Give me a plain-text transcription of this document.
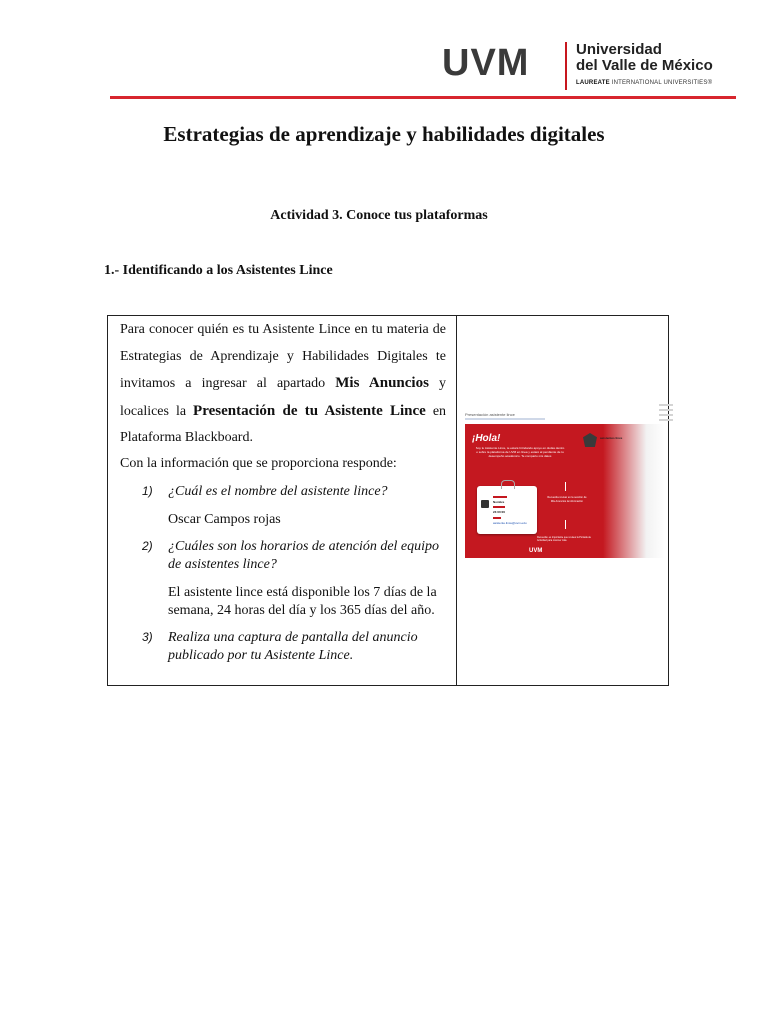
UVM	Universidad
del Valle de México
LAUREATE INTERNATIONAL UNIVERSITIES®
Estrategias de aprendizaje y habilidades digitales
Actividad 3. Conoce tus plataformas
1.- Identificando a los Asistentes Lince

Para conocer quién es tu Asistente Lince en tu materia de Estrategias de Aprendizaje y Habilidades Digitales te invitamos a ingresar al apartado Mis Anuncios y localices la Presentación de tu Asistente Lince en Plataforma Blackboard.

Con la información que se proporciona responde:

1) ¿Cuál es el nombre del asistente lince?
Oscar Campos rojas
2) ¿Cuáles son los horarios de atención del equipo de asistentes lince?
El asistente lince está disponible los 7 días de la semana, 24 horas del día y los 365 días del año.
3) Realiza una captura de pantalla del anuncio publicado por tu Asistente Lince.
Presentación asistente lince
¡Hola!
Soy tu Asistente Lince, te estaré brindando apoyo en dudas dentro o sobre la plataforma de UVM en línea y estaré al pendiente de tu desempeño académico. Te comparto mis datos
asistentes lince
Nombre
24:00:00
asistente.lince@uvm.edu
Recuerda revisar en la sección de Mis Anuncios la información
Recuerda: es importante que revises la Portada de Actividad para conocer más.
UVM
